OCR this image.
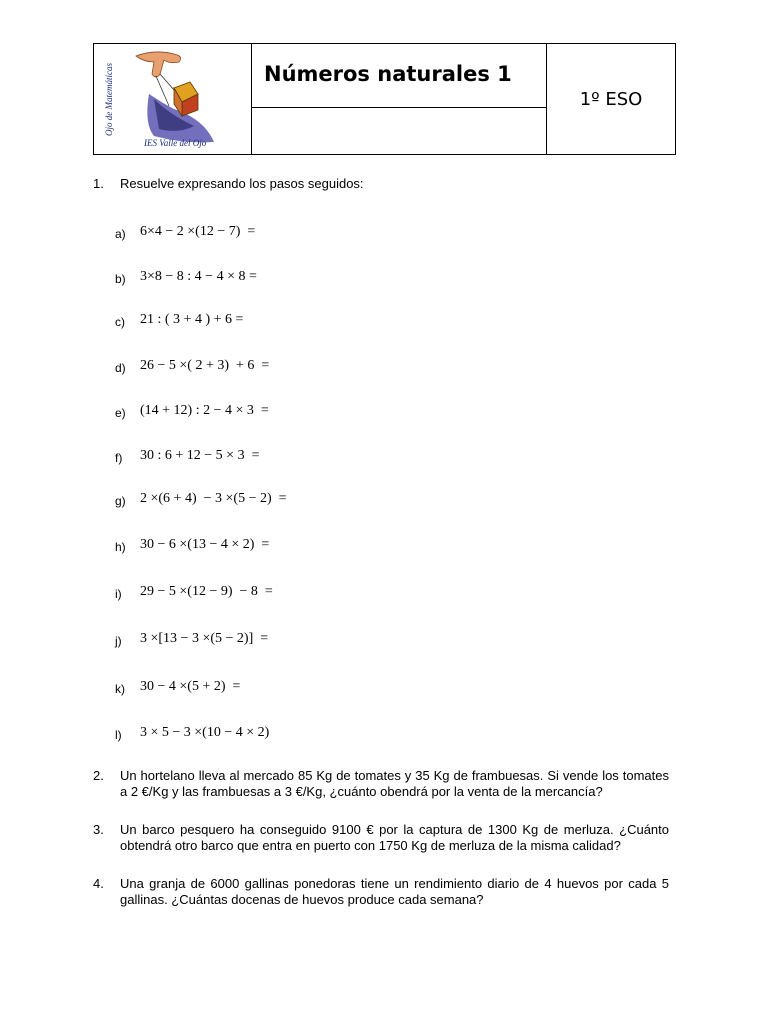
Ojo de Matemáticas
IES Valle del Ojo

Números naturales 1
	1º ESO

1. Resuelve expresando los pasos seguidos:
a) 6×4 − 2 ×(12 − 7)  =
b) 3×8 − 8 : 4 − 4 × 8 =
c) 21 : ( 3 + 4 ) + 6 =
d) 26 − 5 ×( 2 + 3)  + 6  =
e) (14 + 12) : 2 − 4 × 3  =
f) 30 : 6 + 12 − 5 × 3  =
g) 2 ×(6 + 4)  − 3 ×(5 − 2)  =
h) 30 − 6 ×(13 − 4 × 2)  =
i) 29 − 5 ×(12 − 9)  − 8  =
j) 3 ×[13 − 3 ×(5 − 2)]  =
k) 30 − 4 ×(5 + 2)  =
l) 3 × 5 − 3 ×(10 − 4 × 2)
2. Un hortelano lleva al mercado 85 Kg de tomates y 35 Kg de frambuesas. Si vende los tomates a 2 €/Kg y las frambuesas a 3 €/Kg, ¿cuánto obendrá por la venta de la mercancía?
3. Un barco pesquero ha conseguido 9100 € por la captura de 1300 Kg de merluza. ¿Cuánto obtendrá otro barco que entra en puerto con 1750 Kg de merluza de la misma calidad?
4. Una granja de 6000 gallinas ponedoras tiene un rendimiento diario de 4 huevos por cada 5 gallinas. ¿Cuántas docenas de huevos produce cada semana?
